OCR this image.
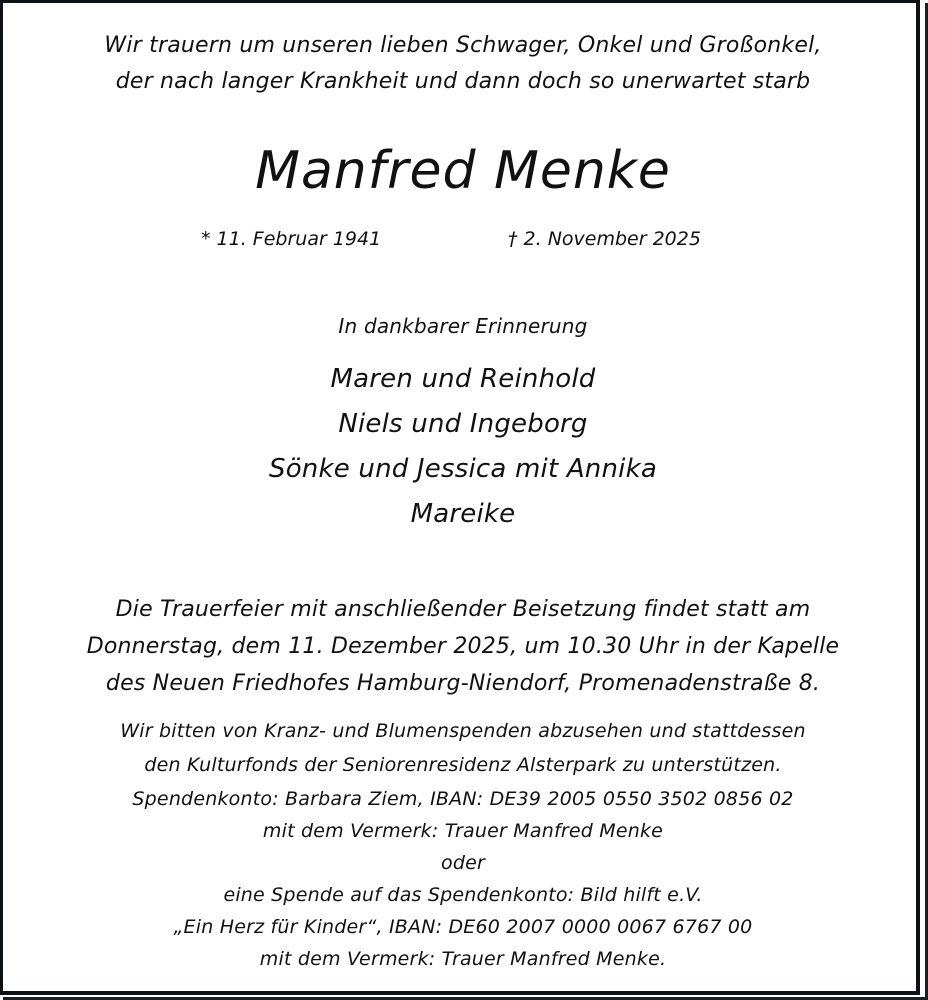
Wir trauern um unseren lieben Schwager, Onkel und Großonkel,
der nach langer Krankheit und dann doch so unerwartet starb
Manfred Menke
* 11. Februar 1941	† 2. November 2025
In dankbarer Erinnerung
Maren und Reinhold
Niels und Ingeborg
Sönke und Jessica mit Annika
Mareike
Die Trauerfeier mit anschließender Beisetzung findet statt am
Donnerstag, dem 11. Dezember 2025, um 10.30 Uhr in der Kapelle
des Neuen Friedhofes Hamburg-Niendorf, Promenadenstraße 8.
Wir bitten von Kranz- und Blumenspenden abzusehen und stattdessen
den Kulturfonds der Seniorenresidenz Alsterpark zu unterstützen.
Spendenkonto: Barbara Ziem, IBAN: DE39 2005 0550 3502 0856 02
mit dem Vermerk: Trauer Manfred Menke
oder
eine Spende auf das Spendenkonto: Bild hilft e.V.
„Ein Herz für Kinder“, IBAN: DE60 2007 0000 0067 6767 00
mit dem Vermerk: Trauer Manfred Menke.
